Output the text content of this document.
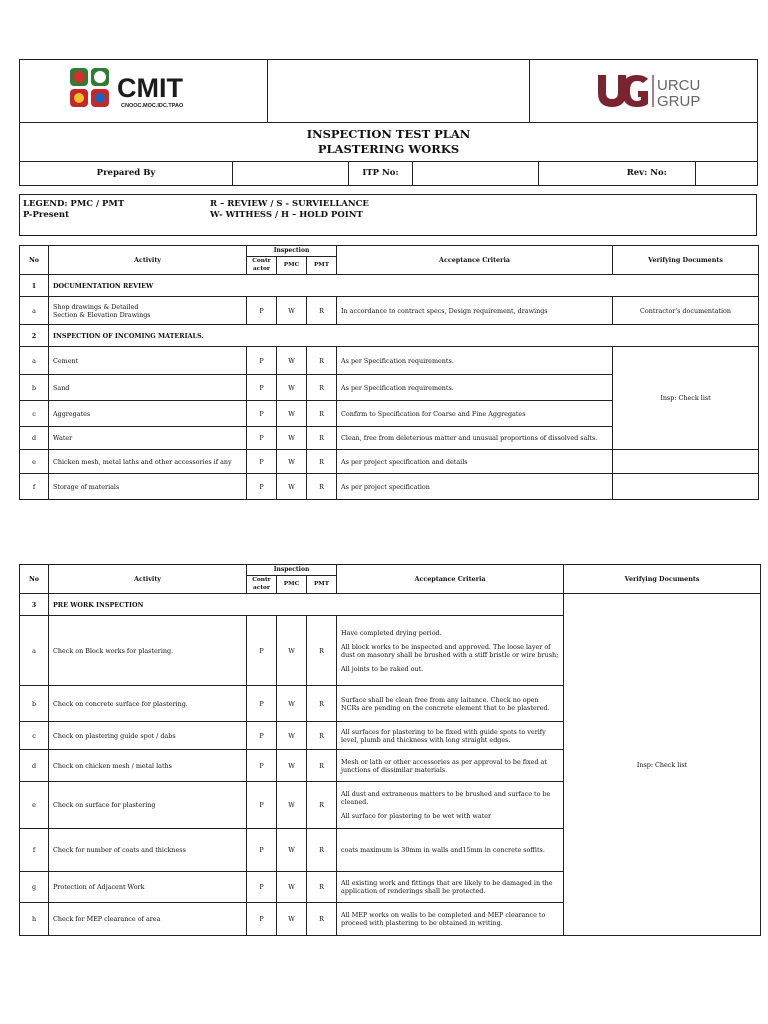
CMIT
CNOOC.MOC.IDC.TPAO

URCU
GRUP

INSPECTION TEST PLAN
PLASTERING WORKS
Prepared By		ITP No:			Rev: No:	
LEGEND: PMC / PMT
P-Present
R – REVIEW / S - SURVIELLANCE
W- WITHESS / H – HOLD POINT
No	Activity	Inspection			Acceptance Criteria	Verifying Documents
		Contr actor	PMC	PMT		
1	DOCUMENTATION REVIEW					
a	Shop drawings & Detailed
Section & Elevation Drawings	P	W	R	In accordance to contract specs, Design requirement, drawings	Contractor's documentation
2	INSPECTION OF INCOMING MATERIALS.					
a	Cement	P	W	R	As per Specification requirements.	Insp: Check list
b	Sand	P	W	R	As per Specification requirements.	
c	Aggregates	P	W	R	Confirm to Specification for Coarse and Fine Aggregates	
d	Water	P	W	R	Clean, free from deleterious matter and unusual proportions of dissolved salts.	
e	Chicken mesh, metal laths and other accessories if any	P	W	R	As per project specification and details	
f	Storage of materials	P	W	R	As per project specification	
No	Activity	Inspection			Acceptance Criteria	Verifying Documents
		Contr actor	PMC	PMT		
3	PRE WORK INSPECTION					Insp: Check list
a	Check on Block works for plastering.	P	W	R	Have completed drying period.

All block works to be inspected and approved. The loose layer of dust on masonry shall be brushed with a stiff bristle or wire brush;

All joints to be raked out.	

b	Check on concrete surface for plastering.	P	W	R	Surface shall be clean free from any laitance. Check no open NCRs are pending on the concrete element that to be plastered.	
c	Check on plastering guide spot / dabs	P	W	R	All surfaces for plastering to be fixed with guide spots to verify level, plumb and thickness with long straight edges.	
d	Check on chicken mesh / metal laths	P	W	R	Mesh or lath or other accessories as per approval to be fixed at junctions of dissimilar materials.	
e	Check on surface for plastering	P	W	R	All dust and extraneous matters to be brushed and surface to be cleaned.

All surface for plastering to be wet with water	

f	Check for number of coats and thickness	P	W	R	coats maximum is 30mm in walls and15mm in concrete soffits.	
g	Protection of Adjacent Work	P	W	R	All existing work and fittings that are likely to be damaged in the application of renderings shall be protected.	
h	Check for MEP clearance of area	P	W	R	All MEP works on walls to be completed and MEP clearance to proceed with plastering to be obtained in writing.	
